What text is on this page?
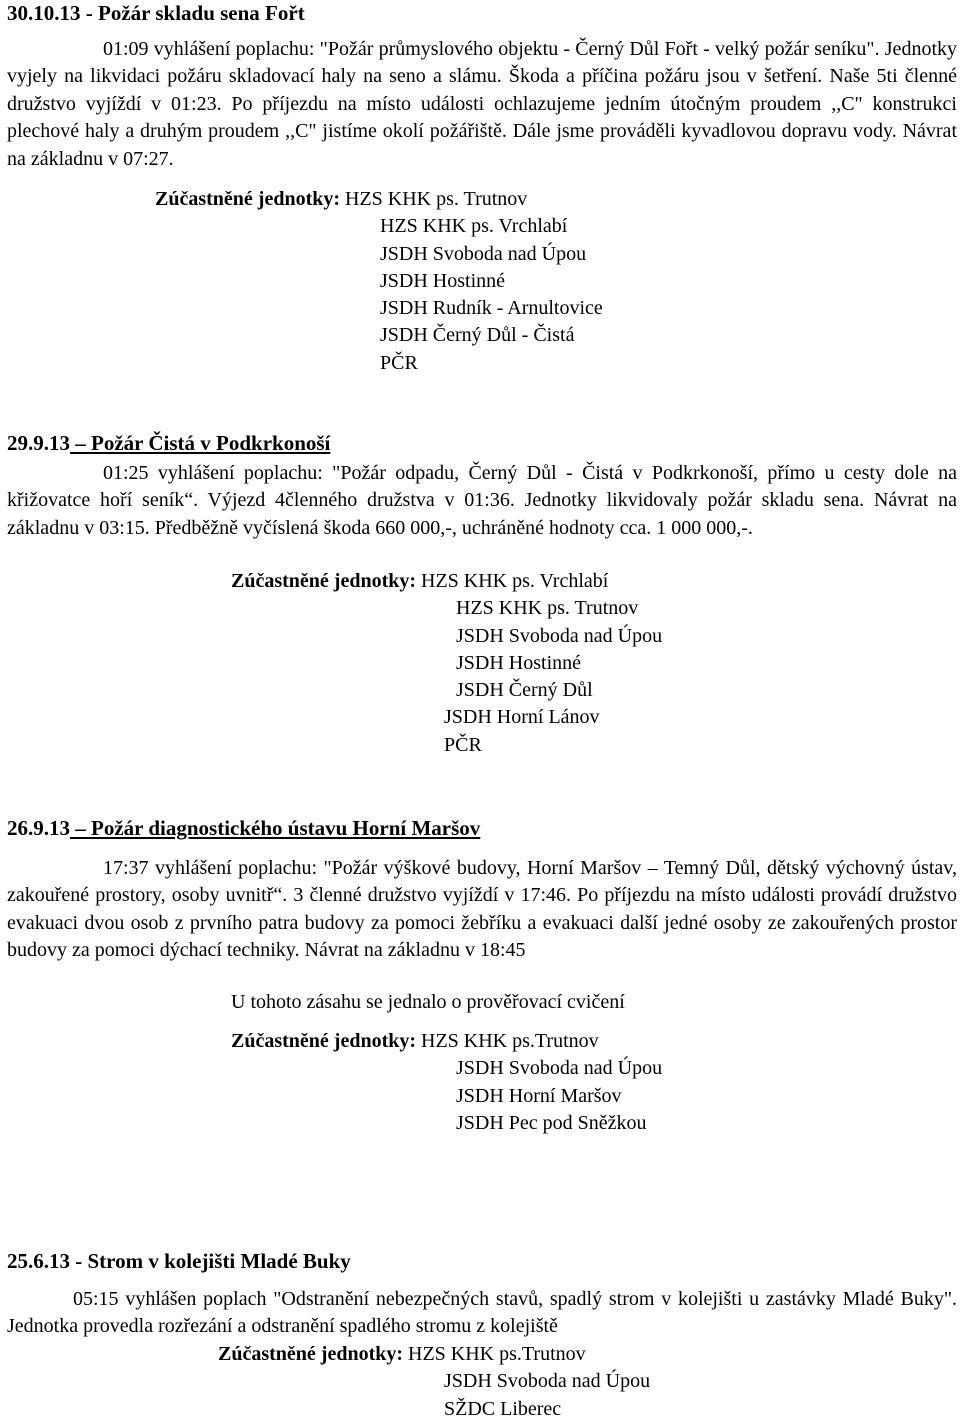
30.10.13 - Požár skladu sena Fořt

01:09 vyhlášení poplachu: "Požár průmyslového objektu - Černý Důl Fořt - velký požár seníku". Jednotky vyjely na likvidaci požáru skladovací haly na seno a slámu. Škoda a příčina požáru jsou v šetření. Naše 5ti členné družstvo vyjíždí v 01:23. Po příjezdu na místo události ochlazujeme jedním útočným proudem ,,C" konstrukci plechové haly a druhým proudem ,,C" jistíme okolí požářiště. Dále jsme prováděli kyvadlovou dopravu vody. Návrat na základnu v 07:27.

Zúčastněné jednotky: HZS KHK ps. Trutnov
HZS KHK ps. Vrchlabí
JSDH Svoboda nad Úpou
JSDH Hostinné
JSDH Rudník - Arnultovice
JSDH Černý Důl - Čistá
PČR
29.9.13 – Požár Čistá v Podkrkonoší

01:25 vyhlášení poplachu: "Požár odpadu, Černý Důl - Čistá v Podkrkonoší, přímo u cesty dole na křižovatce hoří seník“. Výjezd 4členného družstva v 01:36. Jednotky likvidovaly požár skladu sena. Návrat na základnu v 03:15. Předběžně vyčíslená škoda 660 000,-, uchráněné hodnoty cca. 1 000 000,-.

Zúčastněné jednotky: HZS KHK ps. Vrchlabí
HZS KHK ps. Trutnov
JSDH Svoboda nad Úpou
JSDH Hostinné
JSDH Černý Důl
JSDH Horní Lánov
PČR
26.9.13 – Požár diagnostického ústavu Horní Maršov

17:37 vyhlášení poplachu: "Požár výškové budovy, Horní Maršov – Temný Důl, dětský výchovný ústav, zakouřené prostory, osoby uvnitř“. 3 členné družstvo vyjíždí v 17:46. Po příjezdu na místo události provádí družstvo evakuaci dvou osob z prvního patra budovy za pomoci žebříku a evakuaci další jedné osoby ze zakouřených prostor budovy za pomoci dýchací techniky. Návrat na základnu v 18:45

U tohoto zásahu se jednalo o prověřovací cvičení
Zúčastněné jednotky: HZS KHK ps.Trutnov
JSDH Svoboda nad Úpou
JSDH Horní Maršov
JSDH Pec pod Sněžkou
25.6.13 - Strom v kolejišti Mladé Buky

05:15 vyhlášen poplach "Odstranění nebezpečných stavů, spadlý strom v kolejišti u zastávky Mladé Buky". Jednotka provedla rozřezání a odstranění spadlého stromu z kolejiště

Zúčastněné jednotky: HZS KHK ps.Trutnov
JSDH Svoboda nad Úpou
SŽDC Liberec
